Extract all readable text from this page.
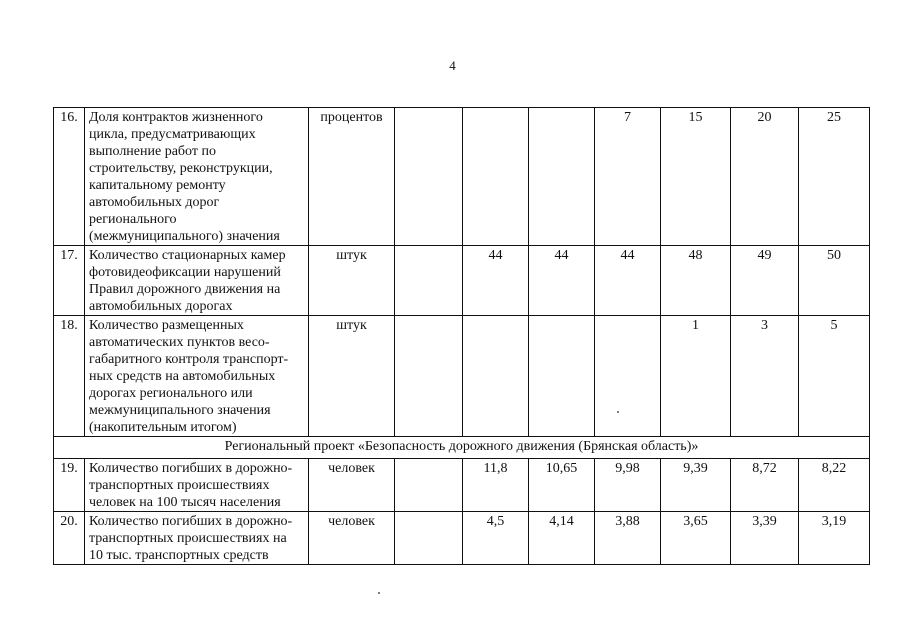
4
16.	Доля контрактов жизненного цикла, предусматривающих выполнение работ по строительству, реконструкции, капитальному ремонту автомобильных дорог регионального (межмуниципального) значения	процентов				7	15	20	25
17.	Количество стационарных камер фотовидеофиксации нарушений Правил дорожного движения на автомобильных дорогах	штук		44	44	44	48	49	50
18.	Количество размещенных автоматических пунктов весо-габаритного контроля транспорт-ных средств на автомобильных дорогах регионального или межмуниципального значения (накопительным итогом)	штук					1	3	5
Региональный проект «Безопасность дорожного движения (Брянская область)»									
19.	Количество погибших в дорожно-транспортных происшествиях человек на 100 тысяч населения	человек		11,8	10,65	9,98	9,39	8,72	8,22
20.	Количество погибших в дорожно-транспортных происшествиях на 10 тыс. транспортных средств	человек		4,5	4,14	3,88	3,65	3,39	3,19
